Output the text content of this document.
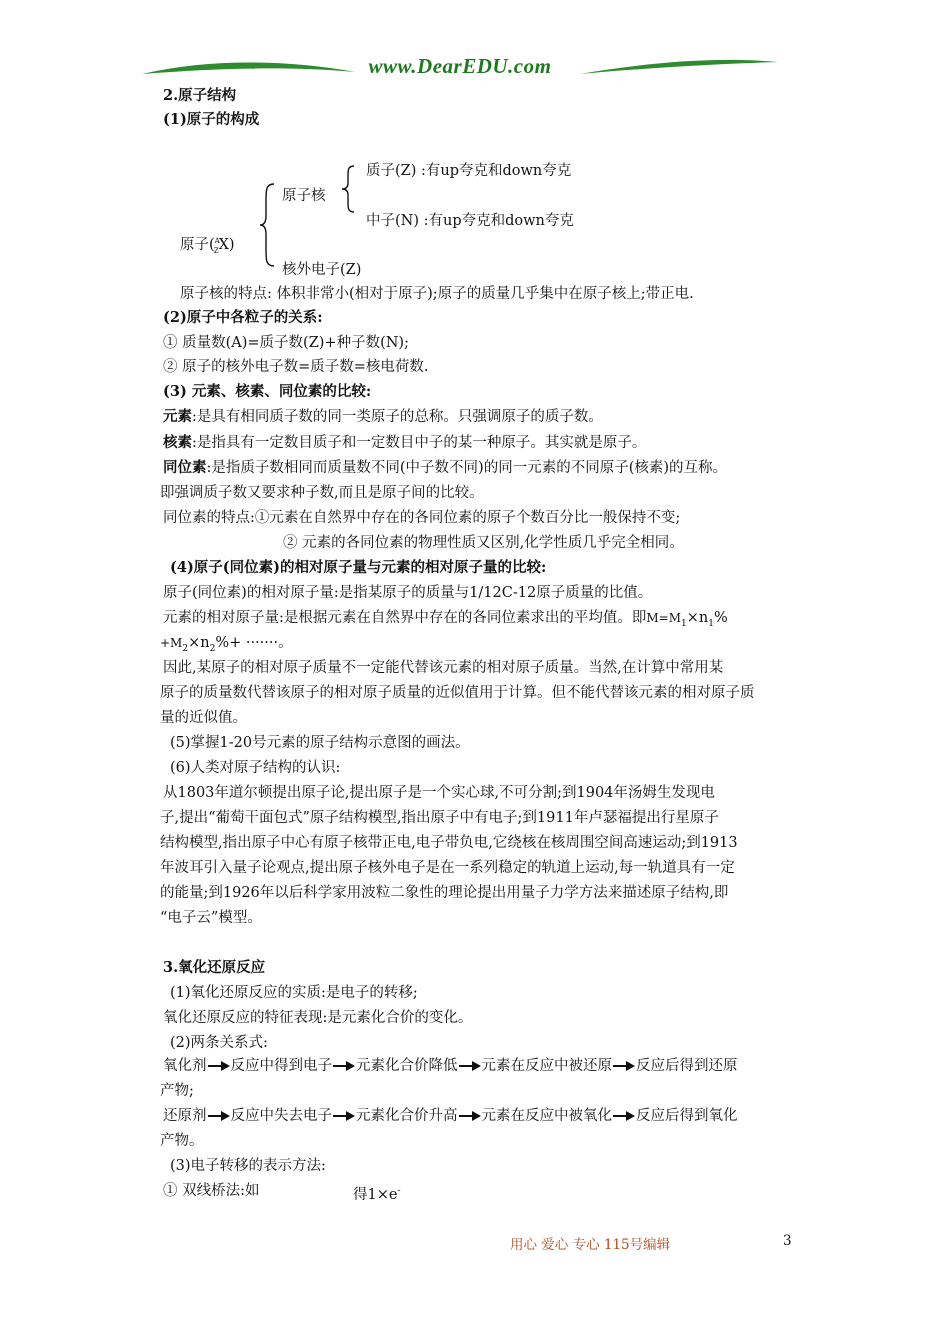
www.DearEDU.com
2.原子结构
(1)原子的构成
原子($^A_Z$X)
原子核
质子(Z) :有up夸克和down夸克
中子(N) :有up夸克和down夸克
核外电子(Z)
原子核的特点: 体积非常小(相对于原子);原子的质量几乎集中在原子核上;带正电.
(2)原子中各粒子的关系:
① 质量数(A)=质子数(Z)+种子数(N);
② 原子的核外电子数=质子数=核电荷数.
(3) 元素、核素、同位素的比较:
元素:是具有相同质子数的同一类原子的总称。只强调原子的质子数。
核素:是指具有一定数目质子和一定数目中子的某一种原子。其实就是原子。
同位素:是指质子数相同而质量数不同(中子数不同)的同一元素的不同原子(核素)的互称。
即强调质子数又要求种子数,而且是原子间的比较。
同位素的特点:①元素在自然界中存在的各同位素的原子个数百分比一般保持不变;
② 元素的各同位素的物理性质又区别,化学性质几乎完全相同。
(4)原子(同位素)的相对原子量与元素的相对原子量的比较:
原子(同位素)的相对原子量:是指某原子的质量与1/12C-12原子质量的比值。
元素的相对原子量:是根据元素在自然界中存在的各同位素求出的平均值。即$M=M_1\times n_1\%$
$+M_2\times n_2\%+$ ·······。
因此,某原子的相对原子质量不一定能代替该元素的相对原子质量。当然,在计算中常用某
原子的质量数代替该原子的相对原子质量的近似值用于计算。但不能代替该元素的相对原子质
量的近似值。
(5)掌握1-20号元素的原子结构示意图的画法。
(6)人类对原子结构的认识:
从1803年道尔顿提出原子论,提出原子是一个实心球,不可分割;到1904年汤姆生发现电
子,提出“葡萄干面包式”原子结构模型,指出原子中有电子;到1911年卢瑟福提出行星原子
结构模型,指出原子中心有原子核带正电,电子带负电,它绕核在核周围空间高速运动;到1913
年波耳引入量子论观点,提出原子核外电子是在一系列稳定的轨道上运动,每一轨道具有一定
的能量;到1926年以后科学家用波粒二象性的理论提出用量子力学方法来描述原子结构,即
“电子云”模型。
3.氧化还原反应
(1)氧化还原反应的实质:是电子的转移;
氧化还原反应的特征表现:是元素化合价的变化。
(2)两条关系式:
氧化剂 反应中得到电子 元素化合价降低 元素在反应中被还原 反应后得到还原
产物;
还原剂 反应中失去电子 元素化合价升高 元素在反应中被氧化 反应后得到氧化
产物。
(3)电子转移的表示方法:
① 双线桥法:如	得1×e-
用心 爱心 专心 115号编辑	3
